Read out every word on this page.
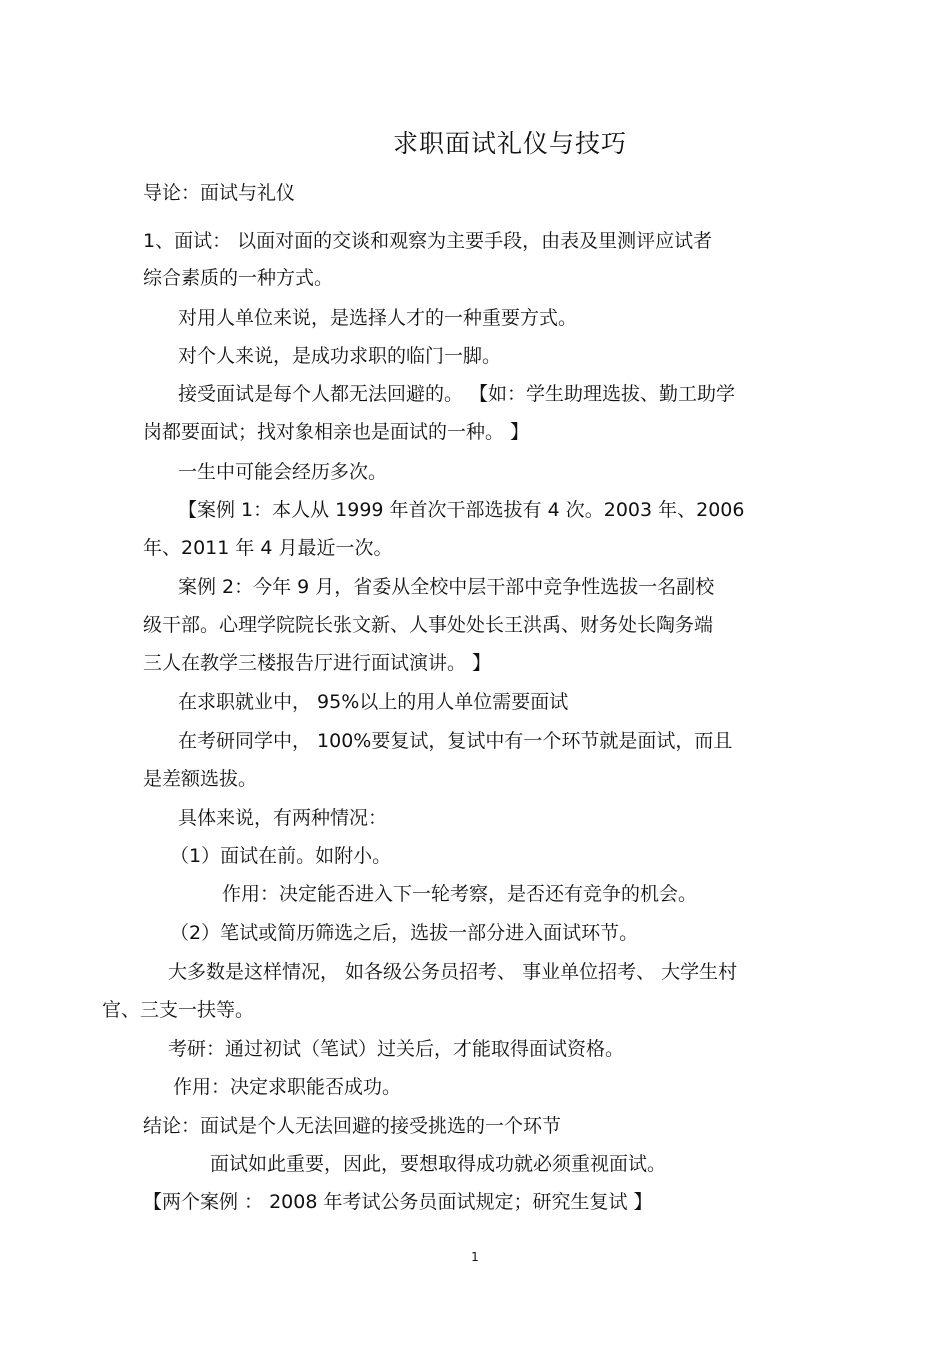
求职面试礼仪与技巧
导论：面试与礼仪
1、面试： 以面对面的交谈和观察为主要手段，由表及里测评应试者
综合素质的一种方式。
对用人单位来说，是选择人才的一种重要方式。
对个人来说，是成功求职的临门一脚。
接受面试是每个人都无法回避的。 【如：学生助理选拔、勤工助学
岗都要面试；找对象相亲也是面试的一种。 】
一生中可能会经历多次。
【案例 1：本人从 1999 年首次干部选拔有 4 次。2003 年、2006
年、2011 年 4 月最近一次。
案例 2：今年 9 月，省委从全校中层干部中竞争性选拔一名副校
级干部。心理学院院长张文新、人事处处长王洪禹、财务处长陶务端
三人在教学三楼报告厅进行面试演讲。 】
在求职就业中， 95%以上的用人单位需要面试
在考研同学中， 100%要复试，复试中有一个环节就是面试，而且
是差额选拔。
具体来说，有两种情况：
（1）面试在前。如附小。
作用：决定能否进入下一轮考察，是否还有竞争的机会。
（2）笔试或简历筛选之后，选拔一部分进入面试环节。
大多数是这样情况， 如各级公务员招考、 事业单位招考、 大学生村
官、三支一扶等。
考研：通过初试（笔试）过关后，才能取得面试资格。
作用：决定求职能否成功。
结论：面试是个人无法回避的接受挑选的一个环节
面试如此重要，因此，要想取得成功就必须重视面试。
【两个案例 ： 2008 年考试公务员面试规定；研究生复试 】
1
